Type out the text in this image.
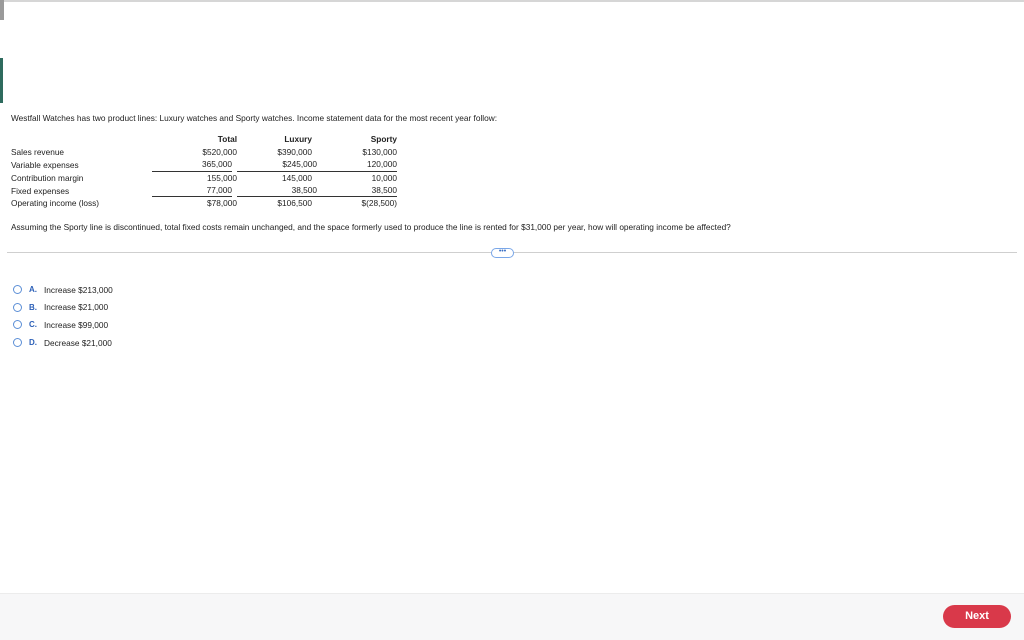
Westfall Watches has two product lines: Luxury watches and Sporty watches. Income statement data for the most recent year follow:
Total	Luxury	Sporty
Sales revenue	$520,000	$390,000	$130,000
Variable expenses	365,000	$245,000	120,000
Contribution margin	155,000	145,000	10,000
Fixed expenses	77,000	38,500	38,500
Operating income (loss)	$78,000	$106,500	$(28,500)
Assuming the Sporty line is discontinued, total fixed costs remain unchanged, and the space formerly used to produce the line is rented for $31,000 per year, how will operating income be affected?
•••
A. Increase $213,000
B. Increase $21,000
C. Increase $99,000
D. Decrease $21,000
Next
